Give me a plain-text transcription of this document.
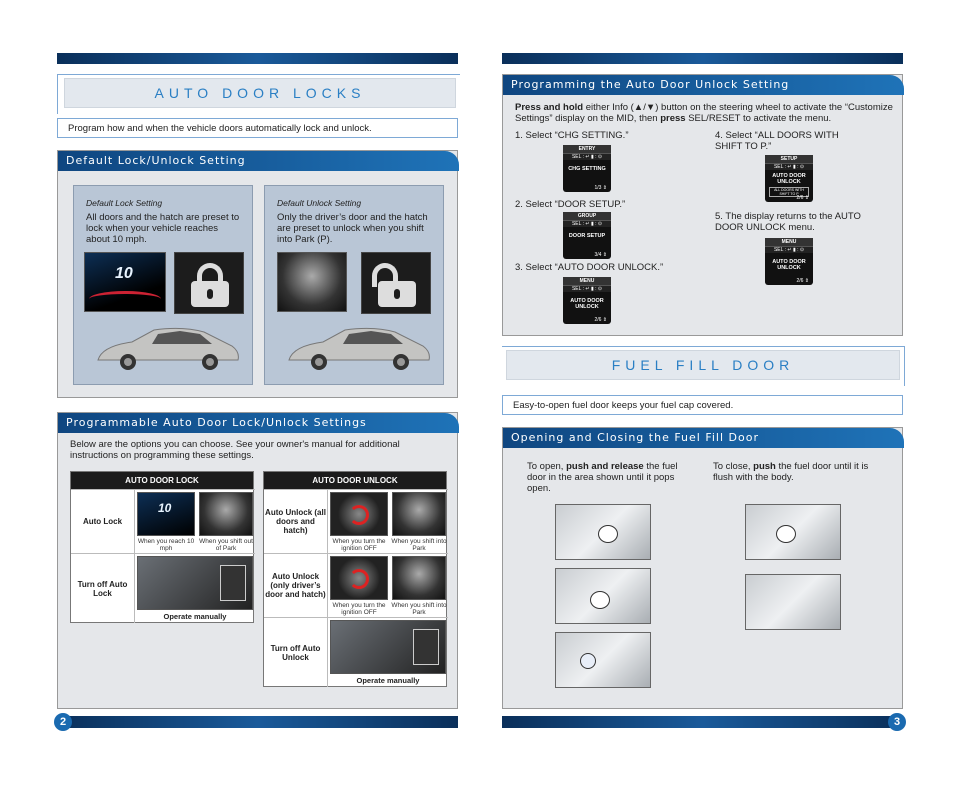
AUTO DOOR LOCKS
Program how and when the vehicle doors automatically lock and unlock.
Default Lock/Unlock Setting
Default Lock Setting
All doors and the hatch are preset to lock when your vehicle reaches about 10 mph.
10
Default Unlock Setting
Only the driver’s door and the hatch are preset to unlock when you shift into Park (P).
Programmable Auto Door Lock/Unlock Settings
Below are the options you can choose. See your owner's manual for additional instructions on programming these settings.
AUTO DOOR LOCK
Auto Lock
10
When you reach 10 mph
When you shift out of Park
Turn off Auto Lock
Operate manually
AUTO DOOR UNLOCK
Auto Unlock (all doors and hatch)
When you turn the ignition OFF
When you shift into Park
Auto Unlock (only driver’s door and hatch)
When you turn the ignition OFF
When you shift into Park
Turn off Auto Unlock
Operate manually
2
Programming the Auto Door Unlock Setting
Press and hold either Info (▲/▼) button on the steering wheel to activate the “Customize Settings” display on the MID, then press SEL/RESET to activate the menu.
1. Select “CHG SETTING.”
ENTRY
SEL : ↵ ▮ : ⊙
CHG SETTING
1/3 ⇕
2. Select “DOOR SETUP.”
GROUP
SEL : ↵ ▮ : ⊙
DOOR SETUP
3/4 ⇕
3. Select “AUTO DOOR UNLOCK.”
MENU
SEL : ↵ ▮ : ⊙
AUTO DOOR UNLOCK
2/6 ⇕
4. Select “ALL DOORS WITH SHIFT TO P.”
SETUP
SEL : ↵ ▮ : ⊙
AUTO DOOR UNLOCK
ALL DOORS WITH SHIFT TO P
2/6 ⇕
5. The display returns to the AUTO DOOR UNLOCK menu.
MENU
SEL : ↵ ▮ : ⊙
AUTO DOOR UNLOCK
2/6 ⇕
FUEL FILL DOOR
Easy-to-open fuel door keeps your fuel cap covered.
Opening and Closing the Fuel Fill Door
To open, push and release the fuel door in the area shown until it pops open.
To close, push the fuel door until it is flush with the body.
3
